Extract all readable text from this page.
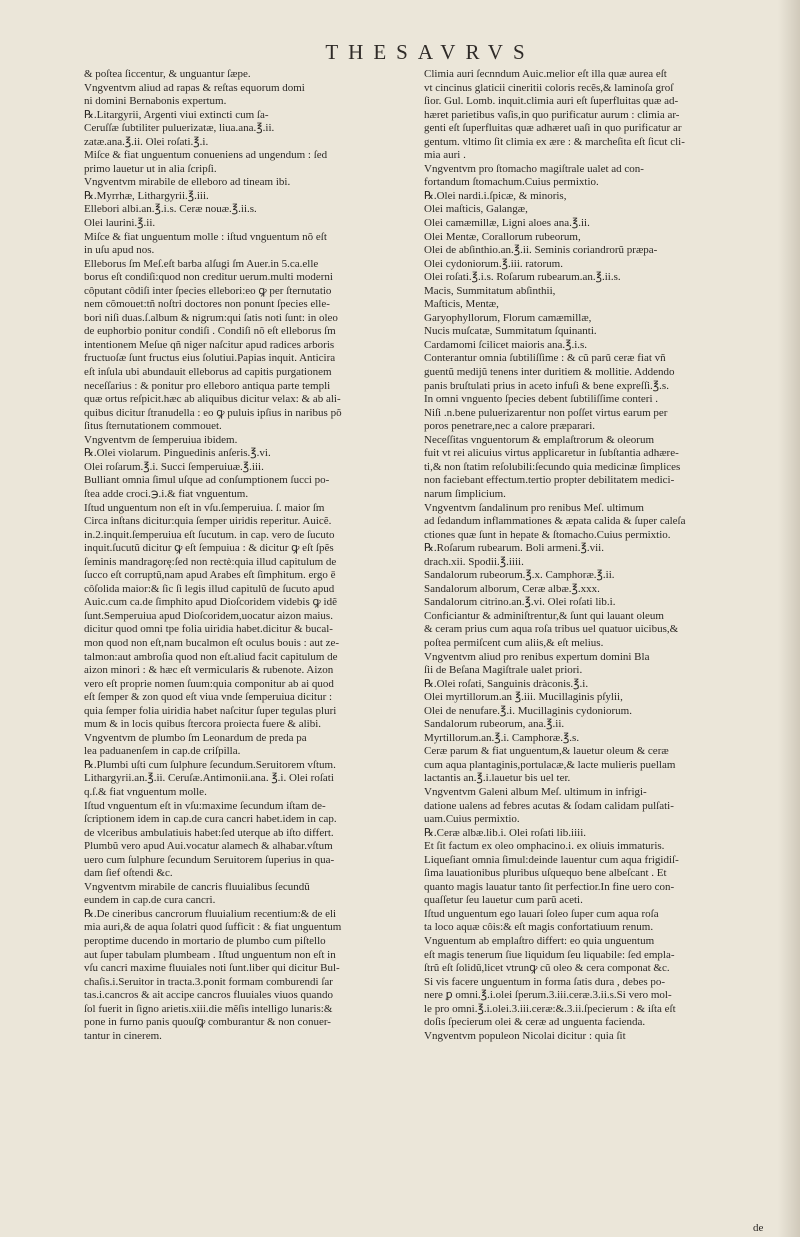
THESAVRVS
& poſtea ſiccentur, & unguantur ſæpe.
Vngventvm aliud ad rapas & reſtas equorum domi
ni domini Bernabonis expertum.
℞.Litargyrii, Argenti viui extincti cum ſa-
Ceruſſæ ſubtiliter puluerizatæ, liua.ana.℥.ii.
zatæ.ana.℥.ii. Olei roſati.℥.i.
Miſce & fiat unguentum conueniens ad ungendum : ſed
primo lauetur ut in alia ſcripſi.
Vngventvm mirabile de elleboro ad tineam ibi.
℞.Myrrhæ, Lithargyrii.℥.iii.
Ellebori albi.an.℥.i.s. Ceræ nouæ.℥.ii.s.
Olei laurini.℥.ii.
Miſce & fiat unguentum molle : iſtud vnguentum nõ eſt
in uſu apud nos.
Elleborus ſm Meſ.eſt barba alſugi ſm Auer.in 5.ca.elle
borus eſt condiſi:quod non creditur uerum.multi moderni
côputant côdiſi inter ſpecies ellebori:eo ꝙ per ſternutatio
nem cõmouet:tñ noſtri doctores non ponunt ſpecies elle-
bori niſi duas.ſ.album & nigrum:qui ſatis noti ſunt: in oleo
de euphorbio ponitur condiſi . Condiſi nõ eſt elleborus ſm
intentionem Meſue qñ niger naſcitur apud radices arboris
fructuoſæ ſunt fructus eius ſolutiui.Papias inquit. Anticira
eſt inſula ubi abundauit elleborus ad capitis purgationem
neceſſarius : & ponitur pro elleboro antiqua parte templi
quæ ortus reſpicit.hæc ab aliquibus dicitur velax: & ab ali-
quibus dicitur ſtranudella : eo ꝙ puluis ipſius in naribus põ
ſitus ſternutationem commouet.
Vngventvm de ſemperuiua ibidem.
℞.Olei violarum. Pinguedinis anſeris.℥.vi.
Olei roſarum.℥.i. Succi ſemperuiuæ.℥.iii.
Bulliant omnia ſimul uſque ad conſumptionem ſucci po-
ſtea adde croci.℈.i.& fiat vnguentum.
Iſtud unguentum non eſt in vſu.ſemperuiua. ſ. maior ſm
Circa inſtans dicitur:quia ſemper uiridis reperitur. Auicẽ.
in.2.inquit.ſemperuiua eſt ſucutum. in cap. vero de ſucuto
inquit.ſucutũ dicitur ꝙ eſt ſempuiua : & dicitur ꝙ eſt ſpẽs
ſeminis mandragorę:ſed non rectè:quia illud capitulum de
ſucco eſt corruptũ,nam apud Arabes eſt ſimphitum. ergo ē
côſolida maior:& ſic ſi legis illud capitulũ de ſucuto apud
Auic.cum ca.de ſimphito apud Dioſcoridem videbis ꝙ idẽ
ſunt.Semperuiua apud Dioſcoridem,uocatur aizon maius.
dicitur quod omni tpe folia uiridia habet.dicitur & bucal-
mon quod non eſt,nam bucalmon eſt oculus bouis : aut ze-
talmon:aut ambroſia quod non eſt.aliud facit capitulum de
aizon minori : & hæc eſt vermicularis & rubenote. Aizon
vero eſt proprie nomen ſuum:quia componitur ab ai quod
eſt ſemper & zon quod eſt viua vnde ſemperuiua dicitur :
quia ſemper folia uiridia habet naſcitur ſuper tegulas pluri
mum & in locis quibus ſtercora proiecta fuere & alibi.
Vngventvm de plumbo ſm Leonardum de preda pa
lea paduanenſem in cap.de criſpilla.
℞.Plumbi uſti cum ſulphure ſecundum.Seruitorem vſtum.
Lithargyrii.an.℥.ii. Ceruſæ.Antimonii.ana. ℥.i. Olei roſati
q.ſ.& fiat vnguentum molle.
Iſtud vnguentum eſt in vſu:maxime ſecundum iſtam de-
ſcriptionem idem in cap.de cura cancri habet.idem in cap.
de vlceribus ambulatiuis habet:ſed uterque ab iſto differt.
Plumbũ vero apud Aui.vocatur alamech & alhabar.vſtum
uero cum ſulphure ſecundum Seruitorem ſuperius in qua-
dam ſief oſtendi &c.
Vngventvm mirabile de cancris fluuialibus ſecundũ
eundem in cap.de cura cancri.
℞.De cineribus cancrorum fluuialium recentium:& de eli
mia auri,& de aqua ſolatri quod ſufficit : & fiat unguentum
peroptime ducendo in mortario de plumbo cum piſtello
aut ſuper tabulam plumbeam . Iſtud unguentum non eſt in
vſu cancri maxime fluuiales noti ſunt.liber qui dicitur Bul-
chaſis.i.Seruitor in tracta.3.ponit formam comburendi ſar
tas.i.cancros & ait accipe cancros fluuiales viuos quando
ſol fuerit in ſigno arietis.xiii.die mẽſis intelligo lunaris:&
pone in furno panis quouſꝙ comburantur & non conuer-
tantur in cinerem.
Climia auri ſecnndum Auic.melior eſt illa quæ aurea eſt
vt cincinus glaticii cineritii coloris recẽs,& laminoſa groſ
ſior. Gul. Lomb. inquit.climia auri eſt ſuperfluitas quæ ad-
hæret parietibus vaſis,in quo purificatur aurum : climia ar-
genti eſt ſuperfluitas quæ adhæret uaſi in quo purificatur ar
gentum. vltimo ſit climia ex ære : & marcheſita eſt ſicut cli-
mia auri .
Vngventvm pro ſtomacho magiſtrale ualet ad con-
fortandum ſtomachum.Cuius permixtio.
℞.Olei nardi.i.ſpicæ, & minoris,
Olei maſticis, Galangæ,
Olei camæmillæ, Ligni aloes ana.℥.ii.
Olei Mentæ, Corallorum rubeorum,
Olei de abſinthio.an.℥.ii. Seminis coriandrorũ præpa-
Olei cydoniorum.℥.iii. ratorum.
Olei roſati.℥.i.s. Roſarum rubearum.an.℥.ii.s.
Macis, Summitatum abſinthii,
Maſticis, Mentæ,
Garyophyllorum, Florum camæmillæ,
Nucis muſcatæ, Summitatum ſquinanti.
Cardamomi ſcilicet maioris ana.℥.i.s.
Conterantur omnia ſubtiliſſime : & cũ parũ ceræ fiat vñ
guentũ medijũ tenens inter duritiem & mollitie. Addendo
panis bruſtulati prius in aceto infuſi & bene expreſſi.℥.s.
In omni vnguento ſpecies debent ſubtiliſſime conteri .
Niſi .n.bene puluerizarentur non poſſet virtus earum per
poros penetrare,nec a calore præparari.
Neceſſitas vnguentorum & emplaſtrorum & oleorum
fuit vt rei alicuius virtus applicaretur in ſubſtantia adhære-
ti,& non ſtatim reſolubili:ſecundo quia medicinæ ſimplices
non faciebant effectum.tertio propter debilitatem medici-
narum ſimplicium.
Vngventvm ſandalinum pro renibus Meſ. ultimum
ad ſedandum inflammationes & æpata calida & ſuper caleſa
ctiones quæ ſunt in hepate & ſtomacho.Cuius permixtio.
℞.Roſarum rubearum. Boli armeni.℥.vii.
drach.xii. Spodii.℥.iiii.
Sandalorum rubeorum.℥.x. Camphoræ.℥.ii.
Sandalorum alborum, Ceræ albæ.℥.xxx.
Sandalorum citrino.an.℥.vi. Olei roſati lib.i.
Conficiantur & adminiſtrentur,& ſunt qui lauant oleum
& ceram prius cum aqua roſa tribus uel quatuor uicibus,&
poſtea permiſcent cum aliis,& eſt melius.
Vngventvm aliud pro renibus expertum domini Bla
ſii de Beſana Magiſtrale ualet priori.
℞.Olei roſati, Sanguinis dràconis.℥.i.
Olei myrtillorum.an ℥.iii. Mucillaginis pſylii,
Olei de nenufare.℥.i. Mucillaginis cydoniorum.
Sandalorum rubeorum, ana.℥.ii.
Myrtillorum.an.℥.i. Camphoræ.℥.s.
Ceræ parum & fiat unguentum,& lauetur oleum & ceræ
cum aqua plantaginis,portulacæ,& lacte mulieris puellam
lactantis an.℥.i.lauetur bis uel ter.
Vngventvm Galeni album Meſ. ultimum in infrigi-
datione ualens ad febres acutas & ſodam calidam pulſati-
uam.Cuius permixtio.
℞.Ceræ albæ.lib.i. Olei roſati lib.iiii.
Et ſit factum ex oleo omphacino.i. ex oliuis immaturis.
Liqueſiant omnia ſimul:deinde lauentur cum aqua frigidiſ-
ſima lauationibus pluribus uſquequo bene albeſcant . Et
quanto magis lauatur tanto ſit perfectior.In fine uero con-
quaſſetur ſeu lauetur cum parũ aceti.
Iſtud unguentum ego lauari ſoleo ſuper cum aqua roſa
ta loco aquæ côis:& eſt magis confortatiuum renum.
Vnguentum ab emplaſtro differt: eo quia unguentum
eſt magis tenerum ſiue liquidum ſeu liquabile: ſed empla-
ſtrũ eſt ſolidũ,licet vtrunꝙ cũ oleo & cera componat &c.
Si vis facere unguentum in forma ſatis dura , debes po-
nere ꝑ omni.℥.i.olei ſperum.3.iii.ceræ.3.ii.s.Si vero mol-
le pro omni.℥.i.olei.3.iii.ceræ:&.3.ii.ſpecierum : & iſta eſt
doſis ſpecierum olei & ceræ ad unguenta facienda.
Vngventvm populeon Nicolai dicitur : quia ſit
de
